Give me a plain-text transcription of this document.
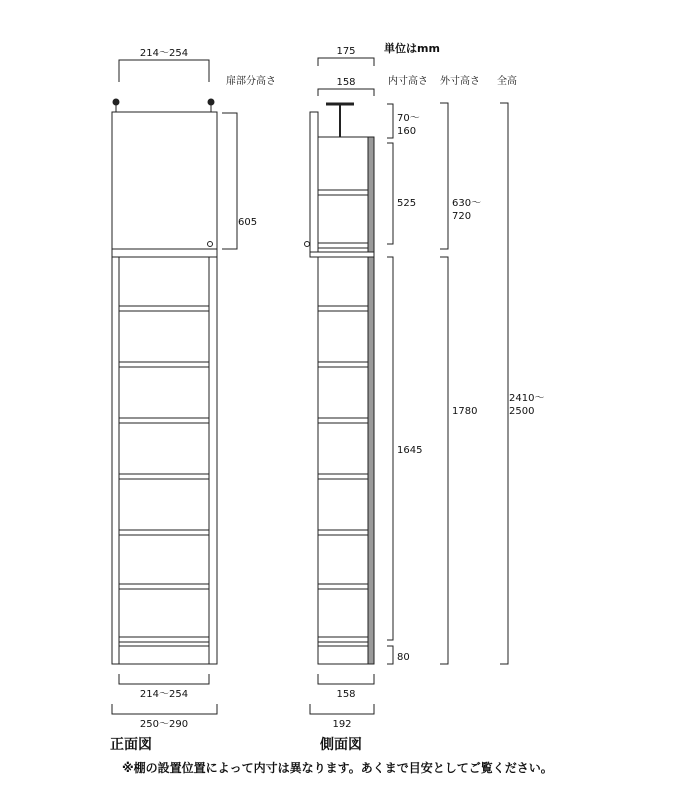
単位はmm
214〜254
扉部分高さ
605
214〜254
250〜290
正面図
175
158	内寸高さ 外寸高さ 全高
70〜
160
525	630〜
720
1645
1780
2410〜
2500
80
158
192
側面図
※棚の設置位置によって内寸は異なります。あくまで目安としてご覧ください。
